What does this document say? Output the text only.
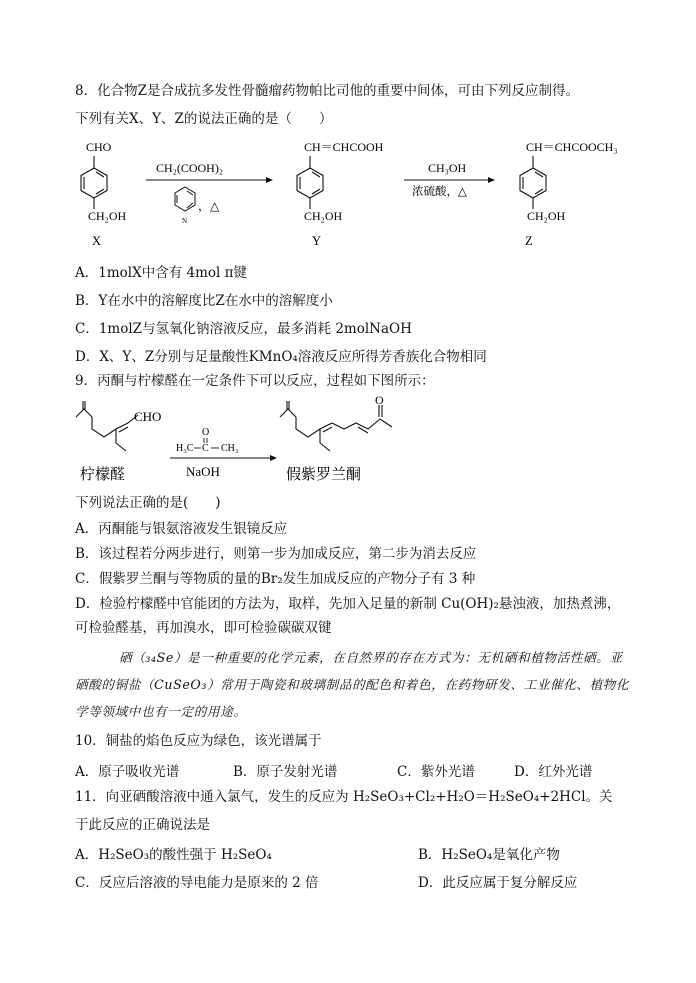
8．化合物Z是合成抗多发性骨髓瘤药物帕比司他的重要中间体，可由下列反应制得。
下列有关X、Y、Z的说法正确的是（　　）
CHO
CH₂OH
X
CH₂(COOH)₂
N
，△
CH＝CHCOOH
CH₂OH
Y
CH₃OH
浓硫酸，△
CH＝CHCOOCH₃
CH₂OH
Z
A．1molX中含有 4mol π键
B．Y在水中的溶解度比Z在水中的溶解度小
C．1molZ与氢氧化钠溶液反应，最多消耗 2molNaOH
D．X、Y、Z分别与足量酸性KMnO₄溶液反应所得芳香族化合物相同
9．丙酮与柠檬醛在一定条件下可以反应，过程如下图所示：
CHO
柠檬醛
H₃C C CH₃
O
NaOH
O
假紫罗兰酮
下列说法正确的是(　　)
A．丙酮能与银氨溶液发生银镜反应
B．该过程若分两步进行，则第一步为加成反应，第二步为消去反应
C．假紫罗兰酮与等物质的量的Br₂发生加成反应的产物分子有 3 种
D．检验柠檬醛中官能团的方法为，取样，先加入足量的新制 Cu(OH)₂悬浊液，加热煮沸，
可检验醛基，再加溴水，即可检验碳碳双键
硒（₃₄Se）是一种重要的化学元素，在自然界的存在方式为：无机硒和植物活性硒。亚硒酸的铜盐（CuSeO₃）常用于陶瓷和玻璃制品的配色和着色，在药物研发、工业催化、植物化学等领域中也有一定的用途。
10．铜盐的焰色反应为绿色，该光谱属于
A．原子吸收光谱	B．原子发射光谱	C．紫外光谱	D．红外光谱
11．向亚硒酸溶液中通入氯气，发生的反应为 H₂SeO₃+Cl₂+H₂O＝H₂SeO₄+2HCl。关
于此反应的正确说法是
A．H₂SeO₃的酸性强于 H₂SeO₄	B．H₂SeO₄是氧化产物
C．反应后溶液的导电能力是原来的 2 倍	D．此反应属于复分解反应
